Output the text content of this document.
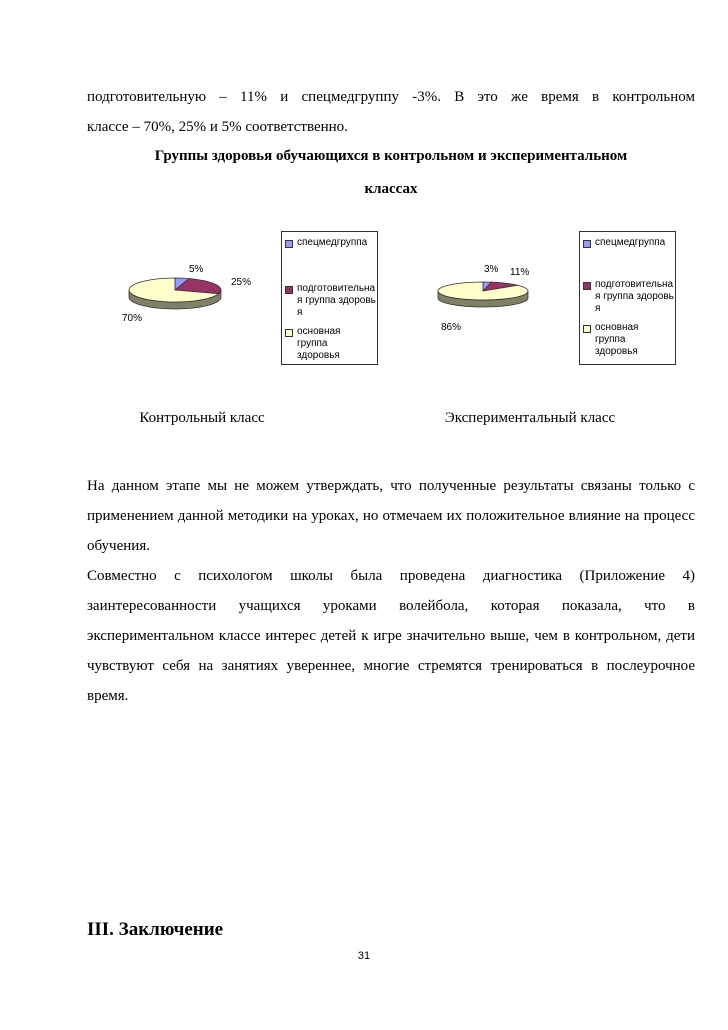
подготовительную – 11% и спецмедгруппу -3%. В это же время в контрольном

классе – 70%, 25% и 5% соответственно.

Группы здоровья обучающихся в контрольном и экспериментальном
классах
5%
25%
70%
спецмедгруппа
подготовительная группа здоровья
основная группа здоровья
3% 11%
86%
спецмедгруппа
подготовительная группа здоровья
основная группа здоровья
Контрольный класс	Экспериментальный класс

На данном этапе мы не можем утверждать, что полученные результаты связаны только с применением данной методики на уроках, но отмечаем их положительное влияние на процесс обучения.

Совместно с психологом школы была проведена диагностика (Приложение 4) заинтересованности учащихся уроками волейбола, которая показала, что в экспериментальном классе интерес детей к игре значительно выше, чем в контрольном, дети чувствуют себя на занятиях увереннее, многие стремятся тренироваться в послеурочное время.

III. Заключение
31
